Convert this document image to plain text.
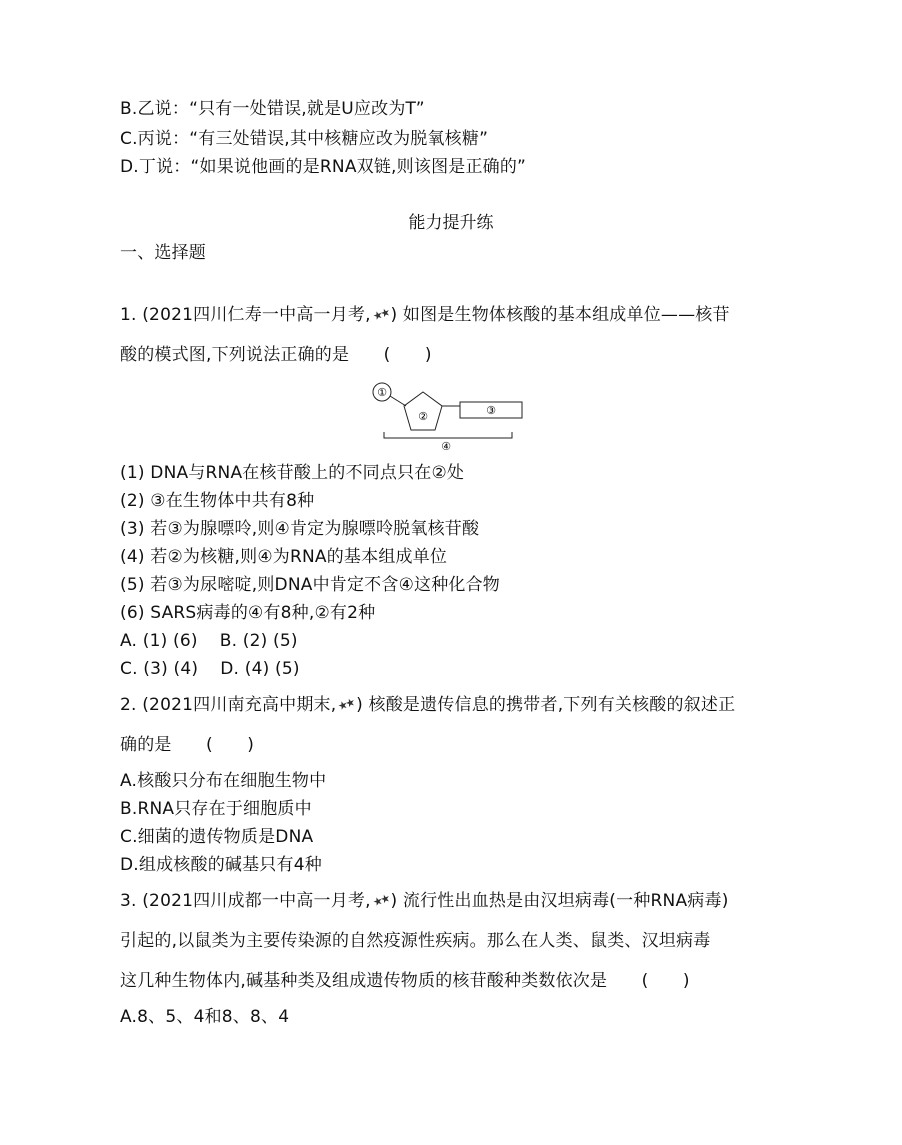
B.乙说：“只有一处错误,就是U应改为T”
C.丙说：“有三处错误,其中核糖应改为脱氧核糖”
D.丁说：“如果说他画的是RNA双链,则该图是正确的”
能力提升练
一、选择题
1. (2021四川仁寿一中高一月考,★★) 如图是生物体核酸的基本组成单位——核苷
酸的模式图,下列说法正确的是　　(　　)
①
②	③
④
(1) DNA与RNA在核苷酸上的不同点只在②处
(2) ③在生物体中共有8种
(3) 若③为腺嘌呤,则④肯定为腺嘌呤脱氧核苷酸
(4) 若②为核糖,则④为RNA的基本组成单位
(5) 若③为尿嘧啶,则DNA中肯定不含④这种化合物
(6) SARS病毒的④有8种,②有2种
A. (1) (6) B. (2) (5)
C. (3) (4) D. (4) (5)
2. (2021四川南充高中期末,★★) 核酸是遗传信息的携带者,下列有关核酸的叙述正
确的是　　(　　)
A.核酸只分布在细胞生物中
B.RNA只存在于细胞质中
C.细菌的遗传物质是DNA
D.组成核酸的碱基只有4种
3. (2021四川成都一中高一月考,★★) 流行性出血热是由汉坦病毒(一种RNA病毒)
引起的,以鼠类为主要传染源的自然疫源性疾病。那么在人类、鼠类、汉坦病毒
这几种生物体内,碱基种类及组成遗传物质的核苷酸种类数依次是　　(　　)
A.8、5、4和8、8、4
